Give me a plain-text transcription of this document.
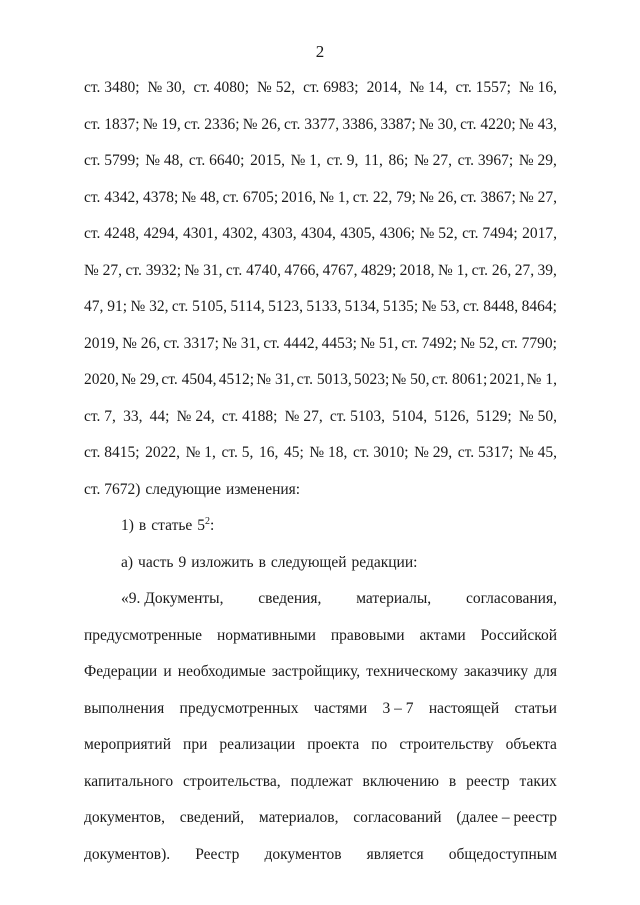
2
ст. 3480; № 30, ст. 4080; № 52, ст. 6983; 2014, № 14, ст. 1557; № 16,
ст. 1837; № 19, ст. 2336; № 26, ст. 3377, 3386, 3387; № 30, ст. 4220; № 43,
ст. 5799; № 48, ст. 6640; 2015, № 1, ст. 9, 11, 86; № 27, ст. 3967; № 29,
ст. 4342, 4378; № 48, ст. 6705; 2016, № 1, ст. 22, 79; № 26, ст. 3867; № 27,
ст. 4248, 4294, 4301, 4302, 4303, 4304, 4305, 4306; № 52, ст. 7494; 2017,
№ 27, ст. 3932; № 31, ст. 4740, 4766, 4767, 4829; 2018, № 1, ст. 26, 27, 39,
47, 91; № 32, ст. 5105, 5114, 5123, 5133, 5134, 5135; № 53, ст. 8448, 8464;
2019, № 26, ст. 3317; № 31, ст. 4442, 4453; № 51, ст. 7492; № 52, ст. 7790;
2020, № 29, ст. 4504, 4512; № 31, ст. 5013, 5023; № 50, ст. 8061; 2021, № 1,
ст. 7, 33, 44; № 24, ст. 4188; № 27, ст. 5103, 5104, 5126, 5129; № 50,
ст. 8415; 2022, № 1, ст. 5, 16, 45; № 18, ст. 3010; № 29, ст. 5317; № 45,
ст. 7672) следующие изменения:
1) в статье $5^2$:
а) часть 9 изложить в следующей редакции:
«9. Документы, сведения, материалы, согласования,
предусмотренные нормативными правовыми актами Российской
Федерации и необходимые застройщику, техническому заказчику для
выполнения предусмотренных частями 3 – 7 настоящей статьи
мероприятий при реализации проекта по строительству объекта
капитального строительства, подлежат включению в реестр таких
документов, сведений, материалов, согласований (далее – реестр
документов). Реестр документов является общедоступным
